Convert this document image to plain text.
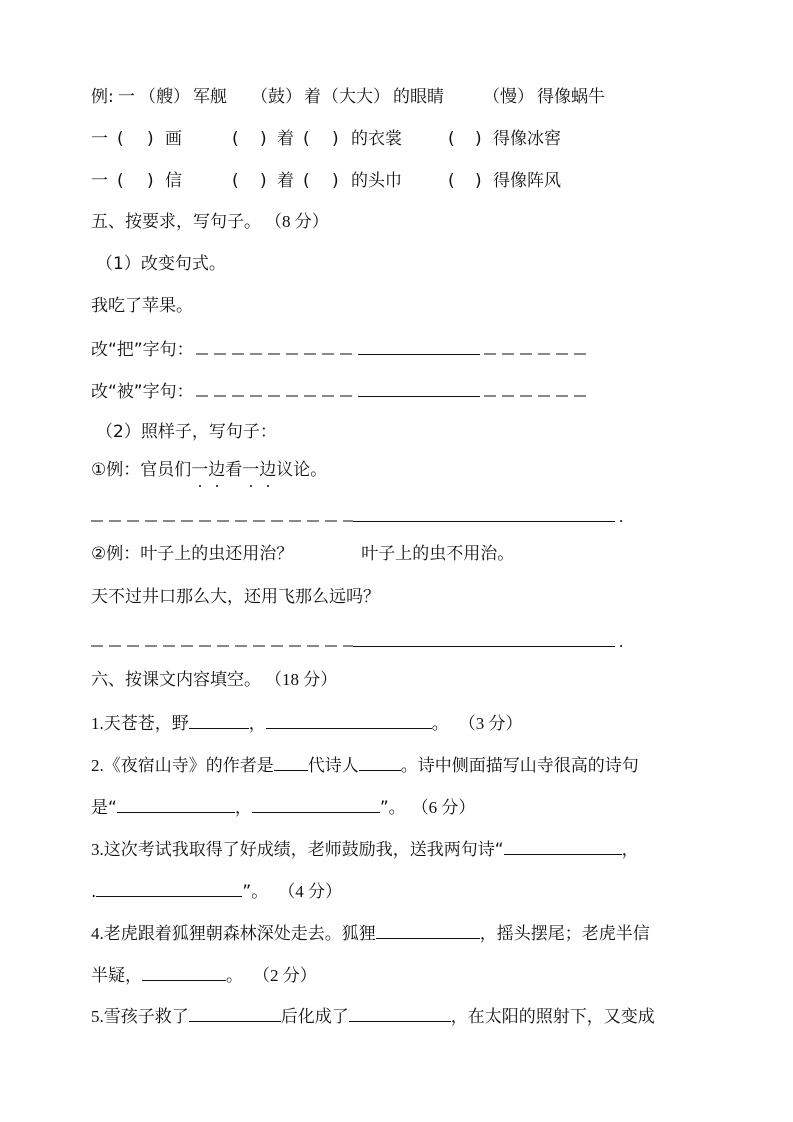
例: 一 （艘） 军舰 （鼓） 着 （大大） 的眼睛 （慢） 得像蜗牛
一 ( ) 画	( ) 着 ( ) 的衣裳	( ) 得像冰窖
一 ( ) 信	( ) 着 ( ) 的头巾	( ) 得像阵风
五、按要求，写句子。 （8 分）
（1）改变句式。
我吃了苹果。
改“把”字句：
改“被”字句：
（2）照样子，写句子：
①例：官员们 一 边 看 一 边 议论。
.
②例：叶子上的虫还用治？	叶子上的虫不用治。
天不过井口那么大，还用飞那么远吗？
.
六、按课文内容填空。 （18 分）
1. 天苍苍，野	，	。 （3 分）
2. 《夜宿山寺》的作者是 代诗人 。诗中侧面描写山寺很高的诗句
是“	，	”。 （6 分）
3. 这次考试我取得了好成绩，老师鼓励我，送我两句诗“	，
.	”。 （4 分）
4. 老虎跟着狐狸朝森林深处走去。狐狸	，摇头摆尾；老虎半信
半疑，	。 （2 分）
5. 雪孩子救了	后化成了	，在太阳的照射下，又变成
